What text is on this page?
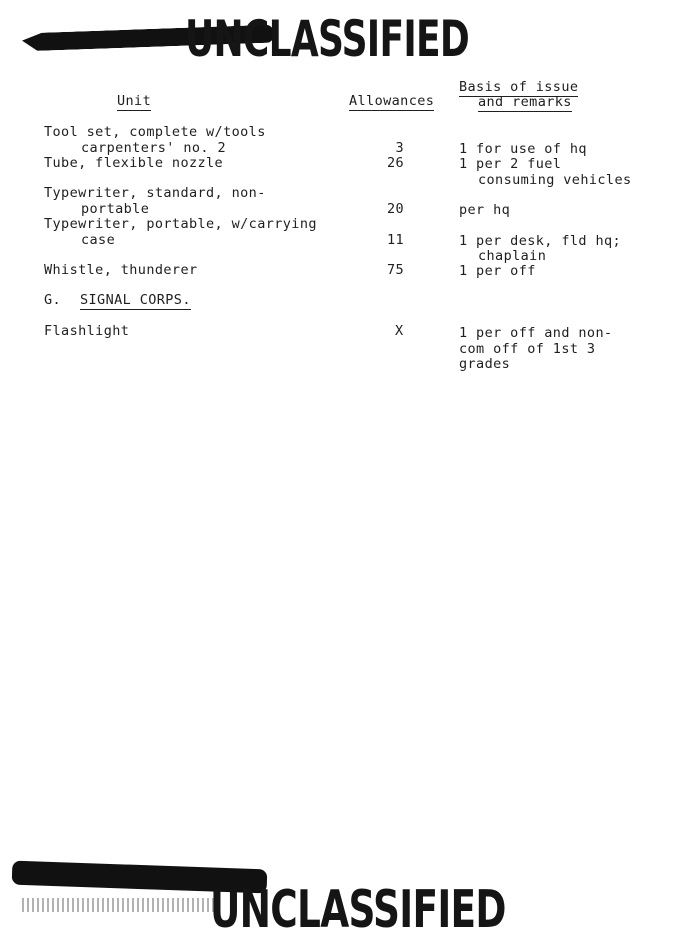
UNCLASSIFIED
Unit	Allowances
Basis of issue
and remarks
Tool set, complete w/tools
carpenters' no. 2	3	1 for use of hq
Tube, flexible nozzle	26	1 per 2 fuel
consuming vehicles
Typewriter, standard, non-
portable	20	per hq
Typewriter, portable, w/carrying
case	11	1 per desk, fld hq;
chaplain
Whistle, thunderer	75	1 per off
G. SIGNAL CORPS.
Flashlight	X	1 per off and non-
com off of 1st 3
grades
UNCLASSIFIED
